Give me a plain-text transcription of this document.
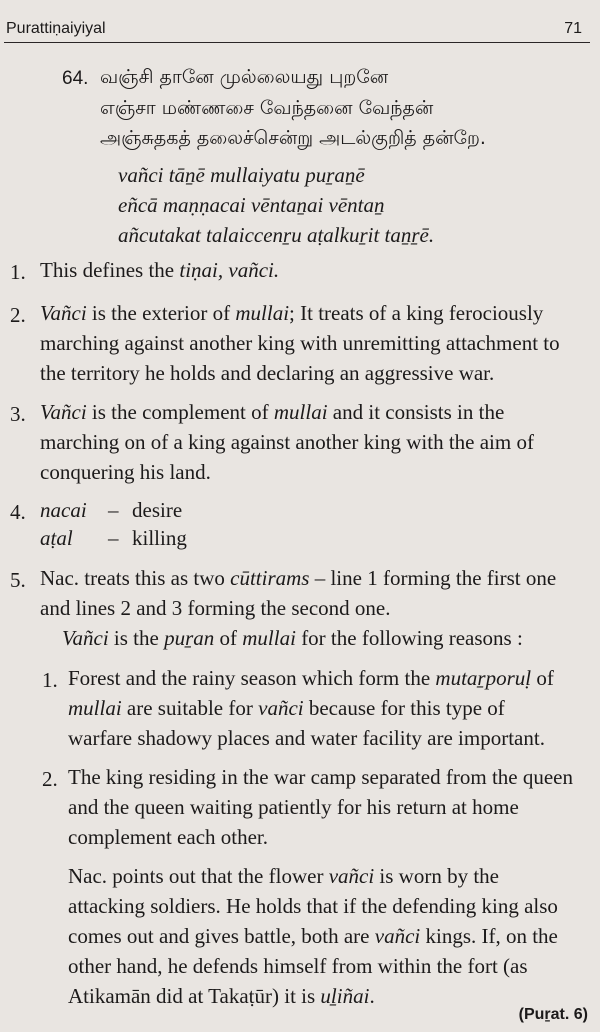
Purattiṇaiyiyal	71
64. வஞ்சி தானே முல்லையது புறனே
எஞ்சா மண்ணசை வேந்தனை வேந்தன்
அஞ்சுதகத் தலைச்சென்று அடல்குறித் தன்றே.
vañci tāṉē mullaiyatu puṟaṉē
eñcā maṇṇacai vēntaṉai vēntaṉ
añcutakat talaiccenṟu aṭalkuṟit taṉṟē.
1. This defines the tiṇai, vañci.
2. Vañci is the exterior of mullai; It treats of a king ferociously
marching against another king with unremitting attachment to
the territory he holds and declaring an aggressive war.
3. Vañci is the complement of mullai and it consists in the
marching on of a king against another king with the aim of
conquering his land.
4. nacai – desire
aṭal – killing
5. Nac. treats this as two cūttirams – line 1 forming the first one
and lines 2 and 3 forming the second one.
Vañci is the puṟan of mullai for the following reasons :
1. Forest and the rainy season which form the mutaṟporuḷ of
mullai are suitable for vañci because for this type of
warfare shadowy places and water facility are important.
2. The king residing in the war camp separated from the queen
and the queen waiting patiently for his return at home
complement each other.
Nac. points out that the flower vañci is worn by the
attacking soldiers. He holds that if the defending king also
comes out and gives battle, both are vañci kings. If, on the
other hand, he defends himself from within the fort (as
Atikamān did at Takaṭūr) it is uḻiñai.
(Puṟat. 6)
